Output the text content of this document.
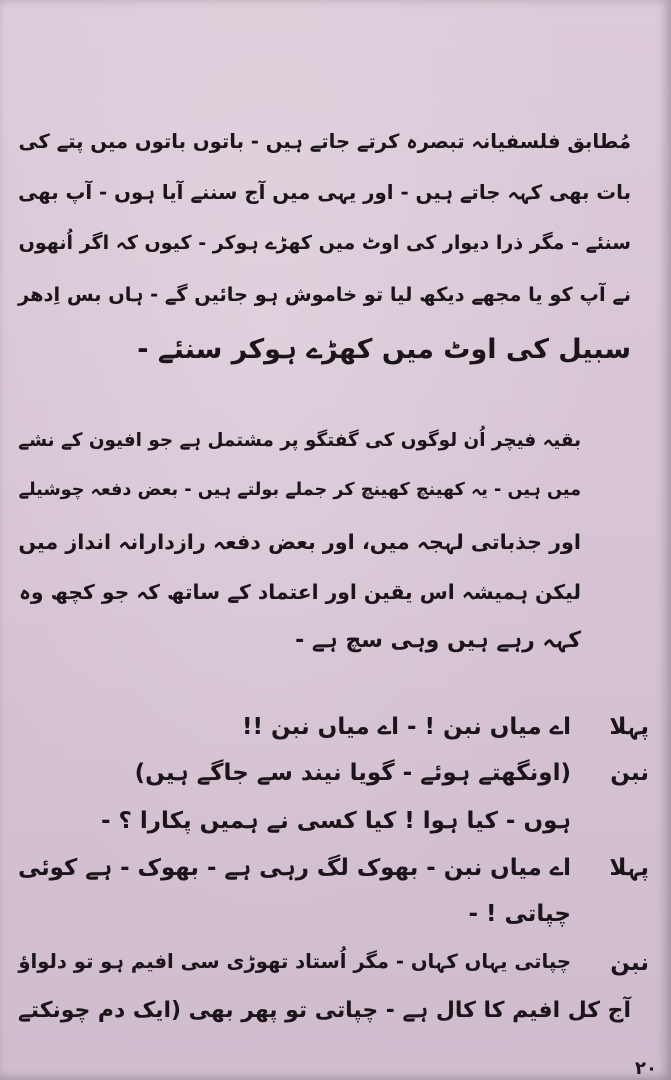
مُطابق فلسفیانہ تبصرہ کرتے جاتے ہیں - باتوں باتوں میں پتے کی
بات بھی کہہ جاتے ہیں - اور یہی میں آج سننے آیا ہوں - آپ بھی
سنئے - مگر ذرا دیوار کی اوٹ میں کھڑے ہوکر - کیوں کہ اگر اُنھوں
نے آپ کو یا مجھے دیکھ لیا تو خاموش ہو جائیں گے - ہاں بس اِدھر
سبیل کی اوٹ میں کھڑے ہوکر سنئے -
بقیہ فیچر اُن لوگوں کی گفتگو پر مشتمل ہے جو افیون کے نشے
میں ہیں - یہ کھینچ کھینچ کر جملے بولتے ہیں - بعض دفعہ چوشیلے
اور جذباتی لہجہ میں، اور بعض دفعہ رازدارانہ انداز میں
لیکن ہمیشہ اس یقین اور اعتماد کے ساتھ کہ جو کچھ وہ
کہہ رہے ہیں وہی سچ ہے -
پہلا
اے میاں نبن ! - اے میاں نبن !!
نبن
(اونگھتے ہوئے - گویا نیند سے جاگے ہیں)
ہوں - کیا ہوا ! کیا کسی نے ہمیں پکارا ؟ -
پہلا
اے میاں نبن - بھوک لگ رہی ہے - بھوک - ہے کوئی
چپاتی ! -
نبن
چپاتی یہاں کہاں - مگر اُستاد تھوڑی سی افیم ہو تو دلواؤ
آج کل افیم کا کال ہے - چپاتی تو پھر بھی (ایک دم چونکتے
۲۰
